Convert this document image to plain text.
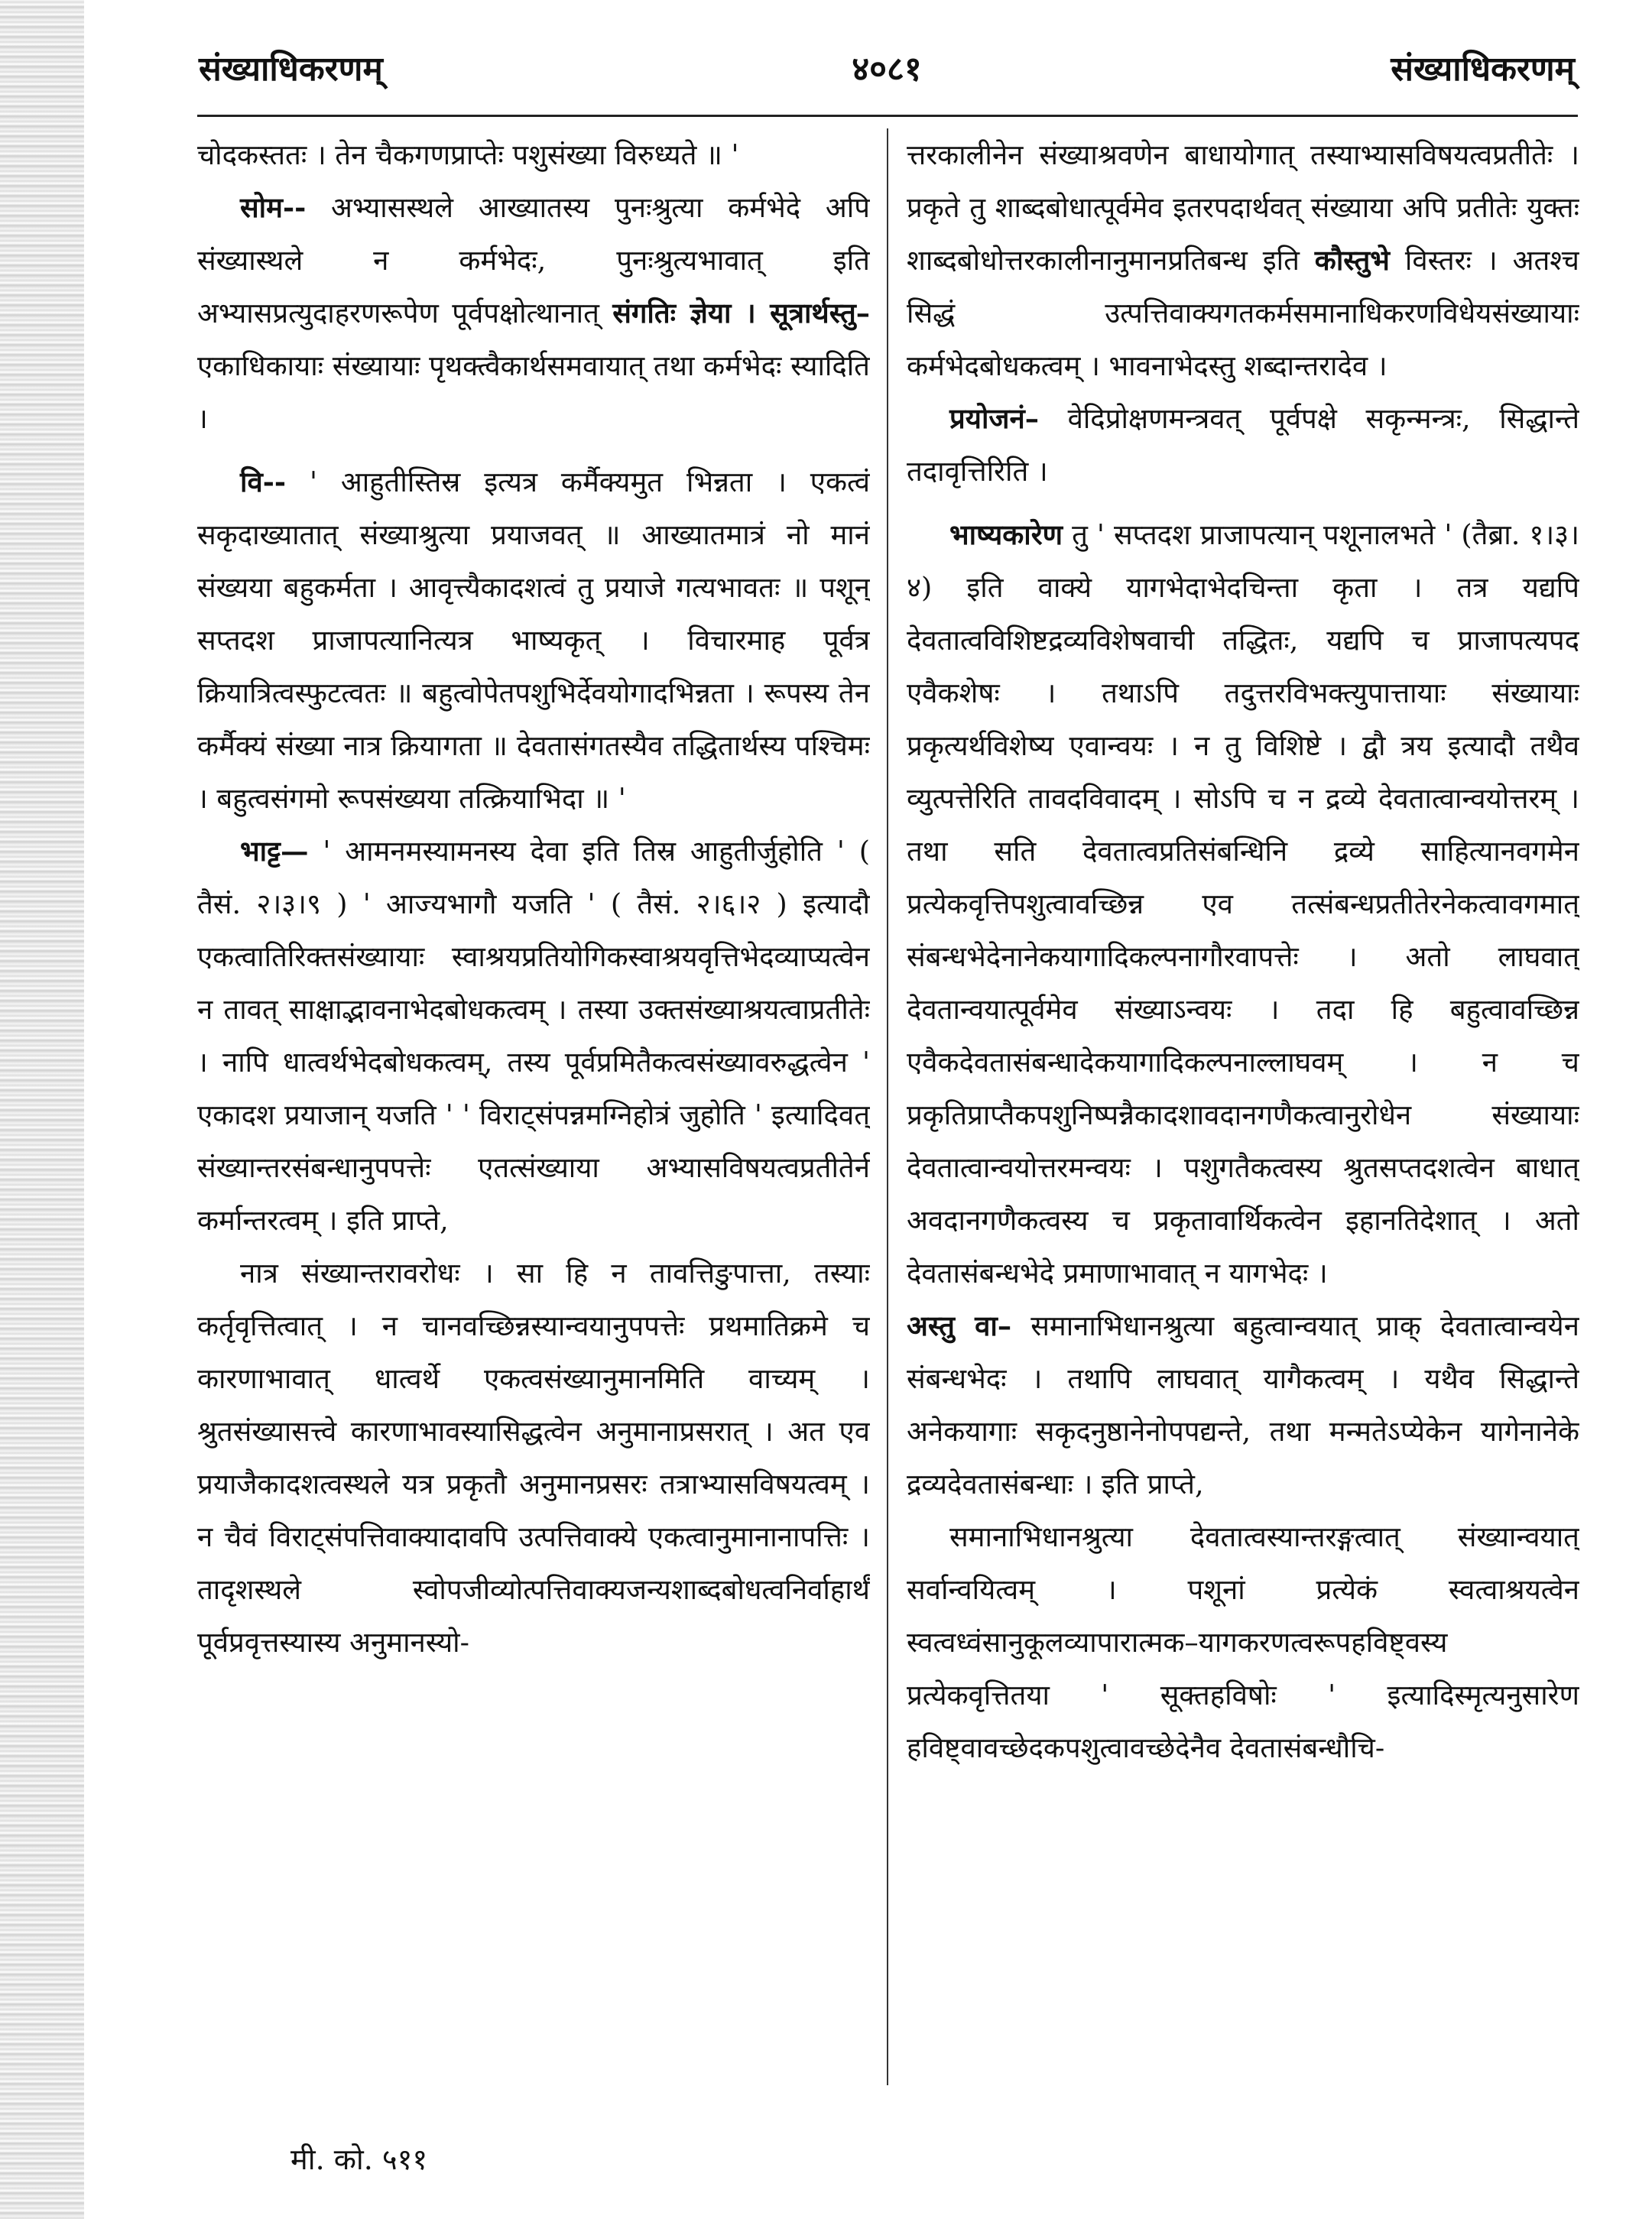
संख्याधिकरणम्	४०८१	संख्याधिकरणम्

चोदकस्ततः । तेन चैकगणप्राप्तेः पशुसंख्या विरुध्यते ॥ '

सोम-- अभ्यासस्थले आख्यातस्य पुनःश्रुत्या कर्मभेदे अपि संख्यास्थले न कर्मभेदः, पुनःश्रुत्यभावात् इति अभ्यासप्रत्युदाहरणरूपेण पूर्वपक्षोत्थानात् संगतिः ज्ञेया । सूत्रार्थस्तु– एकाधिकायाः संख्यायाः पृथक्त्वैकार्थसमवायात् तथा कर्मभेदः स्यादिति ।

वि-- ' आहुतीस्तिस्र इत्यत्र कर्मैक्यमुत भिन्नता । एकत्वं सकृदाख्यातात् संख्याश्रुत्या प्रयाजवत् ॥ आख्यातमात्रं नो मानं संख्यया बहुकर्मता । आवृत्त्यैकादशत्वं तु प्रयाजे गत्यभावतः ॥ पशून् सप्तदश प्राजापत्यानित्यत्र भाष्यकृत् । विचारमाह पूर्वत्र क्रियात्रित्वस्फुटत्वतः ॥ बहुत्वोपेतपशुभिर्देवयोगादभिन्नता । रूपस्य तेन कर्मैक्यं संख्या नात्र क्रियागता ॥ देवतासंगतस्यैव तद्धितार्थस्य पश्चिमः । बहुत्वसंगमो रूपसंख्यया तत्क्रियाभिदा ॥ '

भाट्ट— ' आमनमस्यामनस्य देवा इति तिस्र आहुतीर्जुहोति ' ( तैसं. २।३।९ ) ' आज्यभागौ यजति ' ( तैसं. २।६।२ ) इत्यादौ एकत्वातिरिक्तसंख्यायाः स्वाश्रयप्रतियोगिकस्वाश्रयवृत्तिभेदव्याप्यत्वेन न तावत् साक्षाद्भावनाभेदबोधकत्वम् । तस्या उक्तसंख्याश्रयत्वाप्रतीतेः । नापि धात्वर्थभेदबोधकत्वम्, तस्य पूर्वप्रमितैकत्वसंख्यावरुद्धत्वेन ' एकादश प्रयाजान् यजति ' ' विराट्संपन्नमग्निहोत्रं जुहोति ' इत्यादिवत् संख्यान्तरसंबन्धानुपपत्तेः एतत्संख्याया अभ्यासविषयत्वप्रतीतेर्न कर्मान्तरत्वम् । इति प्राप्ते,

नात्र संख्यान्तरावरोधः । सा हि न तावत्तिङुपात्ता, तस्याः कर्तृवृत्तित्वात् । न चानवच्छिन्नस्यान्वयानुपपत्तेः प्रथमातिक्रमे च कारणाभावात् धात्वर्थे एकत्वसंख्यानुमानमिति वाच्यम् । श्रुतसंख्यासत्त्वे कारणाभावस्यासिद्धत्वेन अनुमानाप्रसरात् । अत एव प्रयाजैकादशत्वस्थले यत्र प्रकृतौ अनुमानप्रसरः तत्राभ्यासविषयत्वम् । न चैवं विराट्संपत्तिवाक्यादावपि उत्पत्तिवाक्ये एकत्वानुमानानापत्तिः । तादृशस्थले स्वोपजीव्योत्पत्तिवाक्यजन्यशाब्दबोधत्वनिर्वाहार्थं पूर्वप्रवृत्तस्यास्य अनुमानस्यो-

त्तरकालीनेन संख्याश्रवणेन बाधायोगात् तस्याभ्यासविषयत्वप्रतीतेः । प्रकृते तु शाब्दबोधात्पूर्वमेव इतरपदार्थवत् संख्याया अपि प्रतीतेः युक्तः शाब्दबोधोत्तरकालीनानुमानप्रतिबन्ध इति कौस्तुभे विस्तरः । अतश्च सिद्धं उत्पत्तिवाक्यगतकर्मसमानाधिकरणविधेयसंख्यायाः कर्मभेदबोधकत्वम् । भावनाभेदस्तु शब्दान्तरादेव ।

प्रयोजनं– वेदिप्रोक्षणमन्त्रवत् पूर्वपक्षे सकृन्मन्त्रः, सिद्धान्ते तदावृत्तिरिति ।

भाष्यकारेण तु ' सप्तदश प्राजापत्यान् पशूनालभते ' (तैब्रा. १।३।४) इति वाक्ये यागभेदाभेदचिन्ता कृता । तत्र यद्यपि देवतात्वविशिष्टद्रव्यविशेषवाची तद्धितः, यद्यपि च प्राजापत्यपद एवैकशेषः । तथाऽपि तदुत्तरविभक्त्युपात्तायाः संख्यायाः प्रकृत्यर्थविशेष्य एवान्वयः । न तु विशिष्टे । द्वौ त्रय इत्यादौ तथैव व्युत्पत्तेरिति तावदविवादम् । सोऽपि च न द्रव्ये देवतात्वान्वयोत्तरम् । तथा सति देवतात्वप्रतिसंबन्धिनि द्रव्ये साहित्यानवगमेन प्रत्येकवृत्तिपशुत्वावच्छिन्न एव तत्संबन्धप्रतीतेरनेकत्वावगमात् संबन्धभेदेनानेकयागादिकल्पनागौरवापत्तेः । अतो लाघवात् देवतान्वयात्पूर्वमेव संख्याऽन्वयः । तदा हि बहुत्वावच्छिन्न एवैकदेवतासंबन्धादेकयागादिकल्पनाल्लाघवम् । न च प्रकृतिप्राप्तैकपशुनिष्पन्नैकादशावदानगणैकत्वानुरोधेन संख्यायाः देवतात्वान्वयोत्तरमन्वयः । पशुगतैकत्वस्य श्रुतसप्तदशत्वेन बाधात् अवदानगणैकत्वस्य च प्रकृतावार्थिकत्वेन इहानतिदेशात् । अतो देवतासंबन्धभेदे प्रमाणाभावात् न यागभेदः ।

अस्तु वा– समानाभिधानश्रुत्या बहुत्वान्वयात् प्राक् देवतात्वान्वयेन संबन्धभेदः । तथापि लाघवात् यागैकत्वम् । यथैव सिद्धान्ते अनेकयागाः सकृदनुष्ठानेनोपपद्यन्ते, तथा मन्मतेऽप्येकेन यागेनानेके द्रव्यदेवतासंबन्धाः । इति प्राप्ते,

समानाभिधानश्रुत्या देवतात्वस्यान्तरङ्गत्वात् संख्यान्वयात् सर्वान्वयित्वम् । पशूनां प्रत्येकं स्वत्वाश्रयत्वेन स्वत्वध्वंसानुकूलव्यापारात्मक–यागकरणत्वरूपहविष्ट्वस्य प्रत्येकवृत्तितया ' सूक्तहविषोः ' इत्यादिस्मृत्यनुसारेण हविष्ट्वावच्छेदकपशुत्वावच्छेदेनैव देवतासंबन्धौचि-

मी. को. ५११
